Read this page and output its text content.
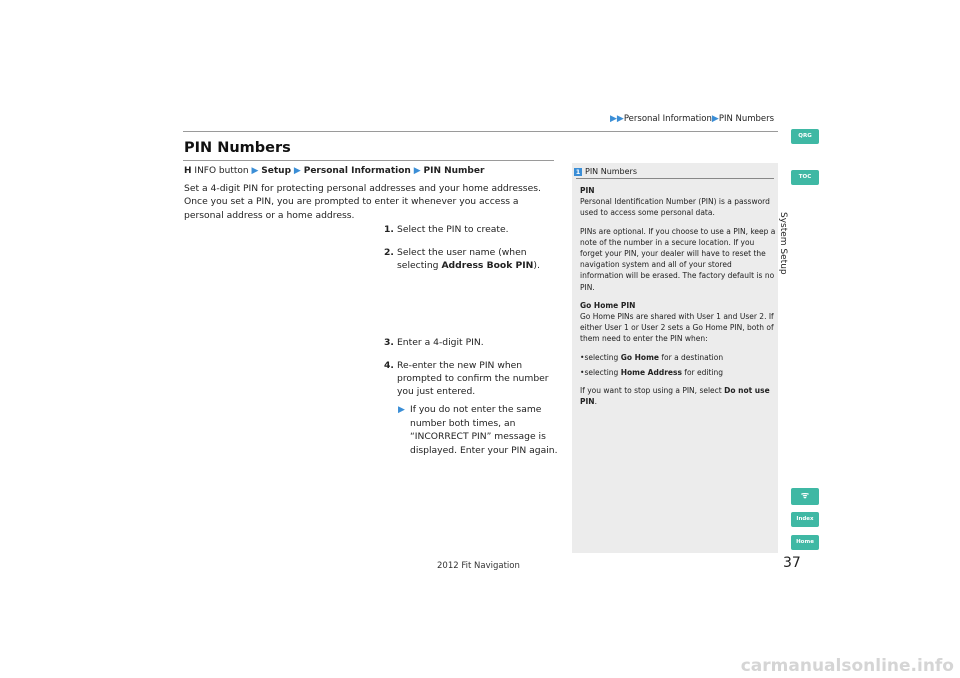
▶▶Personal Information▶PIN Numbers
PIN Numbers
H INFO button ▶ Setup ▶ Personal Information ▶ PIN Number

Set a 4-digit PIN for protecting personal addresses and your home addresses. Once you set a PIN, you are prompted to enter it whenever you access a personal address or a home address.

1. Select the PIN to create.
2. Select the user name (when
selecting Address Book PIN).
3. Enter a 4-digit PIN.
4. Re-enter the new PIN when
prompted to confirm the number
you just entered.
▶ If you do not enter the same
number both times, an
“INCORRECT PIN” message is
displayed. Enter your PIN again.
1 PIN Numbers

PIN
Personal Identification Number (PIN) is a password used to access some personal data.

PINs are optional. If you choose to use a PIN, keep a note of the number in a secure location. If you forget your PIN, your dealer will have to reset the navigation system and all of your stored information will be erased. The factory default is no PIN.

Go Home PIN
Go Home PINs are shared with User 1 and User 2. If either User 1 or User 2 sets a Go Home PIN, both of them need to enter the PIN when:

•selecting Go Home for a destination

•selecting Home Address for editing

If you want to stop using a PIN, select Do not use PIN.

QRG
TOC
System Setup
ᯤ
Index
Home
37
2012 Fit Navigation
carmanualsonline.info
